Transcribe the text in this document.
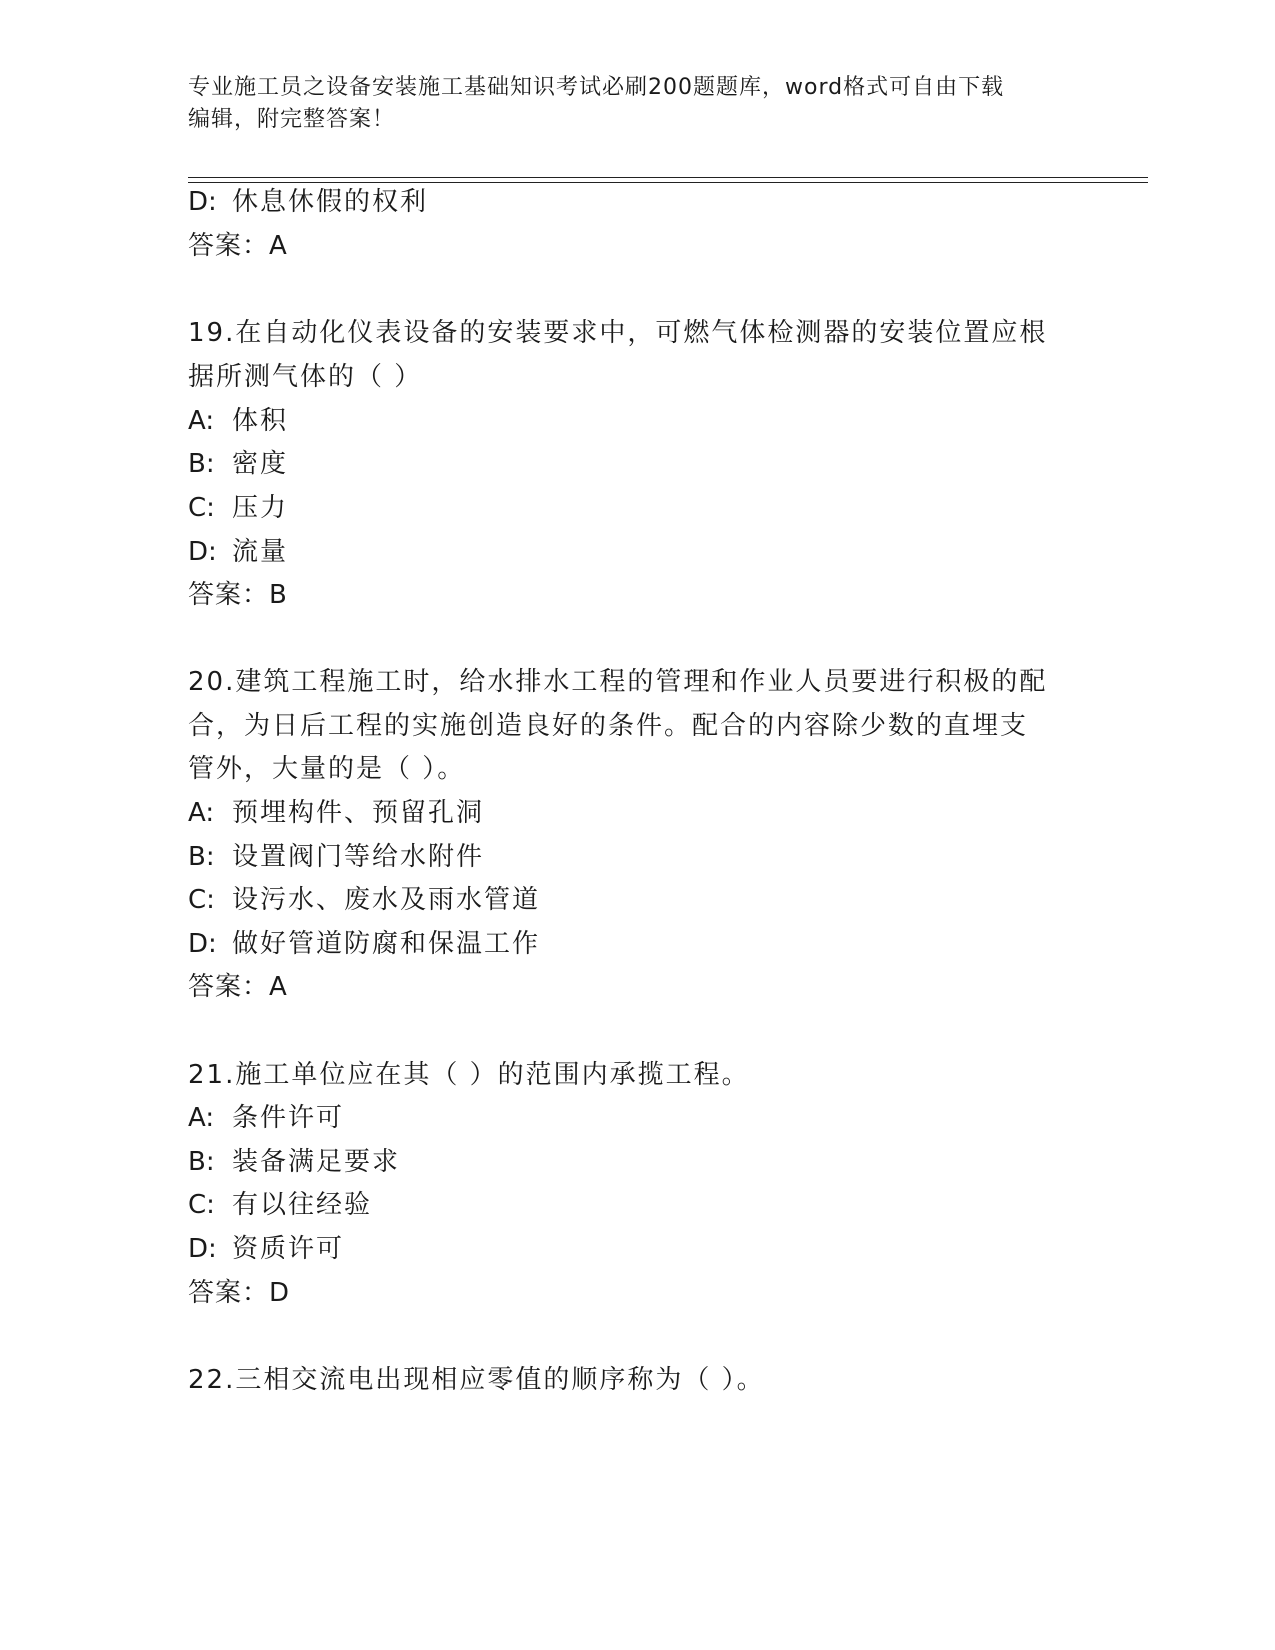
专业施工员之设备安装施工基础知识考试必刷200题题库，word格式可自由下载
编辑，附完整答案！
D: 休息休假的权利
答案：A
19.在自动化仪表设备的安装要求中，可燃气体检测器的安装位置应根
据所测气体的（ ）
A: 体积
B: 密度
C: 压力
D: 流量
答案：B
20.建筑工程施工时，给水排水工程的管理和作业人员要进行积极的配
合，为日后工程的实施创造良好的条件。配合的内容除少数的直埋支
管外，大量的是（ ）。
A: 预埋构件、预留孔洞
B: 设置阀门等给水附件
C: 设污水、废水及雨水管道
D: 做好管道防腐和保温工作
答案：A
21.施工单位应在其（ ）的范围内承揽工程。
A: 条件许可
B: 装备满足要求
C: 有以往经验
D: 资质许可
答案：D
22.三相交流电出现相应零值的顺序称为（ ）。
